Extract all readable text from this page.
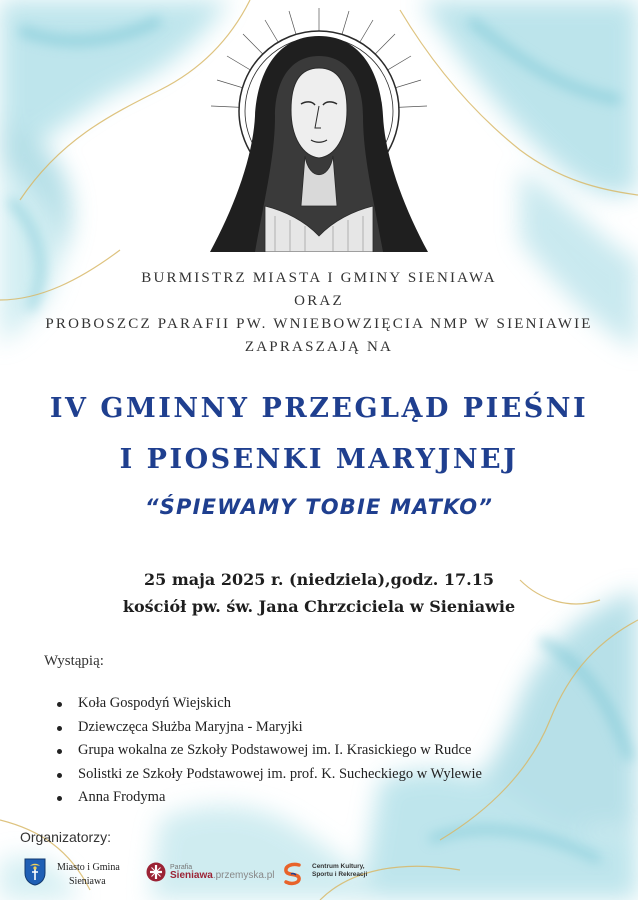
BURMISTRZ MIASTA I GMINY SIENIAWA
ORAZ
PROBOSZCZ PARAFII PW. WNIEBOWZIĘCIA NMP W SIENIAWIE
ZAPRASZAJĄ NA
IV GMINNY PRZEGLĄD PIEŚNI
I PIOSENKI MARYJNEJ
“ŚPIEWAMY TOBIE MATKO”
25 maja 2025 r. (niedziela),godz. 17.15
kościół pw. św. Jana Chrzciciela w Sieniawie
Wystąpią:
Koła Gospodyń Wiejskich
Dziewczęca Służba Maryjna - Maryjki
Grupa wokalna ze Szkoły Podstawowej im. I. Krasickiego w Rudce
Solistki ze Szkoły Podstawowej im. prof. K. Sucheckiego w Wylewie
Anna Frodyma
Organizatorzy:
Miasto i Gmina
Sieniawa
Parafia
Sieniawa.przemyska.pl
Centrum Kultury,
Sportu i Rekreacji
